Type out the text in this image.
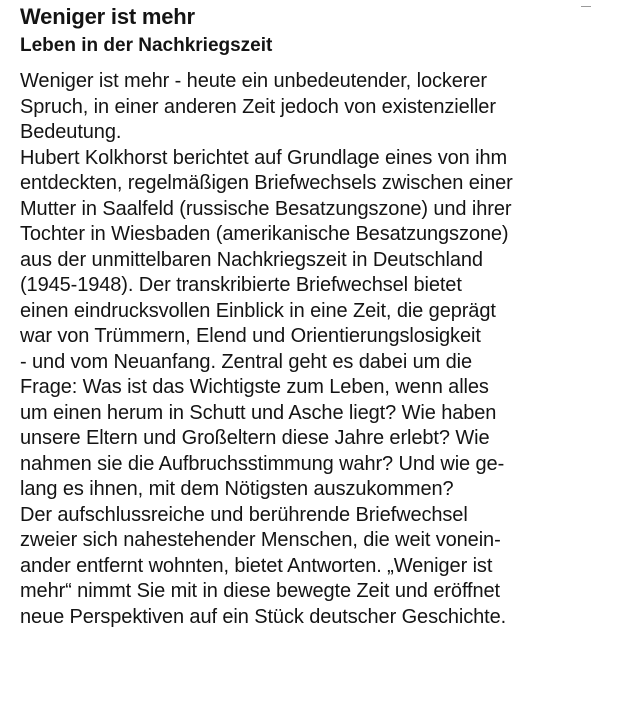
Weniger ist mehr
Leben in der Nachkriegszeit
Weniger ist mehr - heute ein unbedeutender, lockerer
Spruch, in einer anderen Zeit jedoch von existenzieller
Bedeutung.
Hubert Kolkhorst berichtet auf Grundlage eines von ihm
entdeckten, regelmäßigen Briefwechsels zwischen einer
Mutter in Saalfeld (russische Besatzungszone) und ihrer
Tochter in Wiesbaden (amerikanische Besatzungszone)
aus der unmittelbaren Nachkriegszeit in Deutschland
(1945-1948). Der transkribierte Briefwechsel bietet
einen eindrucksvollen Einblick in eine Zeit, die geprägt
war von Trümmern, Elend und Orientierungslosigkeit
- und vom Neuanfang. Zentral geht es dabei um die
Frage: Was ist das Wichtigste zum Leben, wenn alles
um einen herum in Schutt und Asche liegt? Wie haben
unsere Eltern und Großeltern diese Jahre erlebt? Wie
nahmen sie die Aufbruchsstimmung wahr? Und wie ge-
lang es ihnen, mit dem Nötigsten auszukommen?
Der aufschlussreiche und berührende Briefwechsel
zweier sich nahestehender Menschen, die weit vonein-
ander entfernt wohnten, bietet Antworten. „Weniger ist
mehr“ nimmt Sie mit in diese bewegte Zeit und eröffnet
neue Perspektiven auf ein Stück deutscher Geschichte.
